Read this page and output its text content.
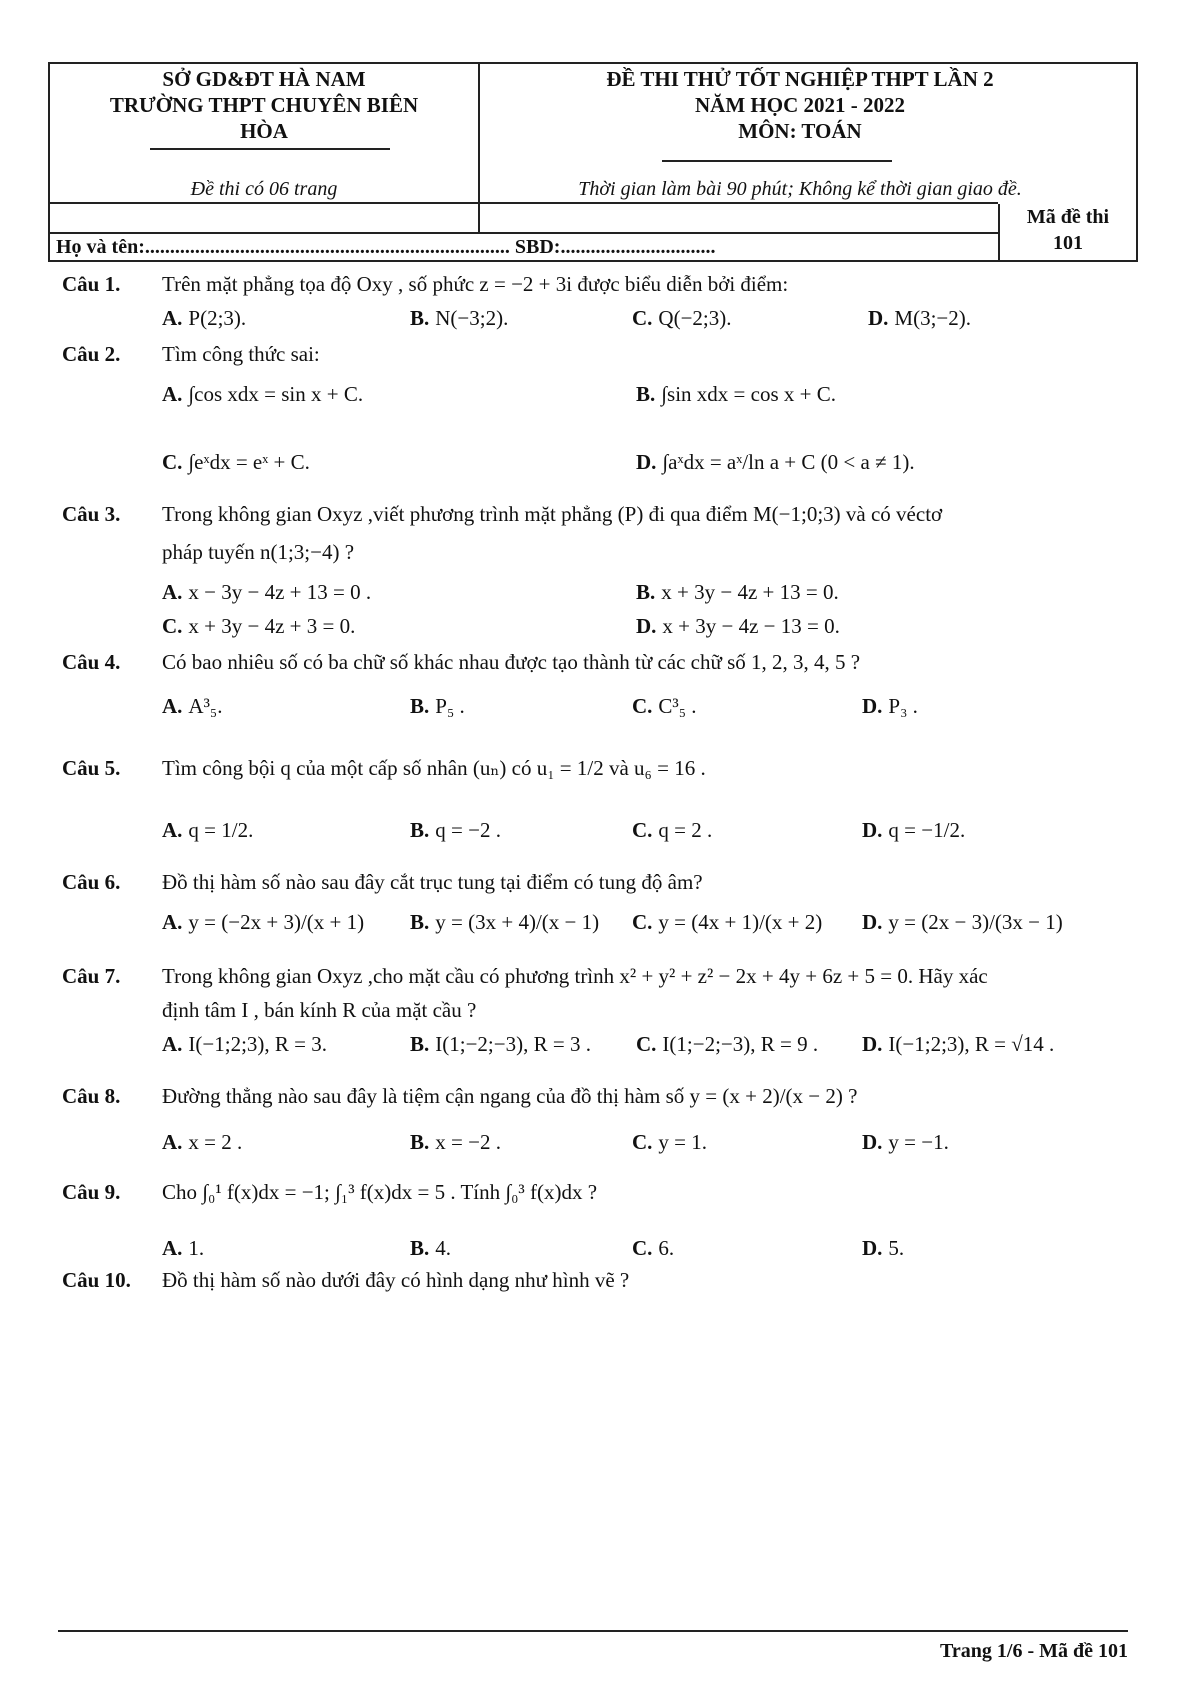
SỞ GD&ĐT HÀ NAM
TRƯỜNG THPT CHUYÊN BIÊN
HÒA
ĐỀ THI THỬ TỐT NGHIỆP THPT LẦN 2
NĂM HỌC 2021 - 2022
MÔN: TOÁN
Đề thi có 06 trang	Thời gian làm bài 90 phút; Không kể thời gian giao đề.
Họ và tên:......................................................................... SBD:...............................
Mã đề thi
101
Câu 1. Trên mặt phẳng tọa độ Oxy , số phức z = −2 + 3i được biểu diễn bởi điểm:
A. P(2;3).	B. N(−3;2).	C. Q(−2;3).	D. M(3;−2).
Câu 2. Tìm công thức sai:
A. ∫cos xdx = sin x + C.	B. ∫sin xdx = cos x + C.
C. ∫eˣdx = eˣ + C.	D. ∫aˣdx = aˣ/ln a + C (0 < a ≠ 1).
Câu 3. Trong không gian Oxyz ,viết phương trình mặt phẳng (P) đi qua điểm M(−1;0;3) và có véctơ
pháp tuyến n(1;3;−4) ?
A. x − 3y − 4z + 13 = 0 .	B. x + 3y − 4z + 13 = 0.
C. x + 3y − 4z + 3 = 0.	D. x + 3y − 4z − 13 = 0.
Câu 4. Có bao nhiêu số có ba chữ số khác nhau được tạo thành từ các chữ số 1, 2, 3, 4, 5 ?
A. A³₅.	B. P₅ .	C. C³₅ .	D. P₃ .
Câu 5. Tìm công bội q của một cấp số nhân (uₙ) có u₁ = 1/2 và u₆ = 16 .
A. q = 1/2.	B. q = −2 .	C. q = 2 .	D. q = −1/2.
Câu 6. Đồ thị hàm số nào sau đây cắt trục tung tại điểm có tung độ âm?
A. y = (−2x + 3)/(x + 1) B. y = (3x + 4)/(x − 1) C. y = (4x + 1)/(x + 2) D. y = (2x − 3)/(3x − 1)
Câu 7. Trong không gian Oxyz ,cho mặt cầu có phương trình x² + y² + z² − 2x + 4y + 6z + 5 = 0. Hãy xác
định tâm I , bán kính R của mặt cầu ?
A. I(−1;2;3), R = 3.	B. I(1;−2;−3), R = 3 . C. I(1;−2;−3), R = 9 . D. I(−1;2;3), R = √14 .
Câu 8. Đường thẳng nào sau đây là tiệm cận ngang của đồ thị hàm số y = (x + 2)/(x − 2) ?
A. x = 2 .	B. x = −2 .	C. y = 1.	D. y = −1.
Câu 9. Cho ∫₀¹ f(x)dx = −1; ∫₁³ f(x)dx = 5 . Tính ∫₀³ f(x)dx ?
A. 1.	B. 4.	C. 6.	D. 5.
Câu 10. Đồ thị hàm số nào dưới đây có hình dạng như hình vẽ ?
Trang 1/6 - Mã đề 101
